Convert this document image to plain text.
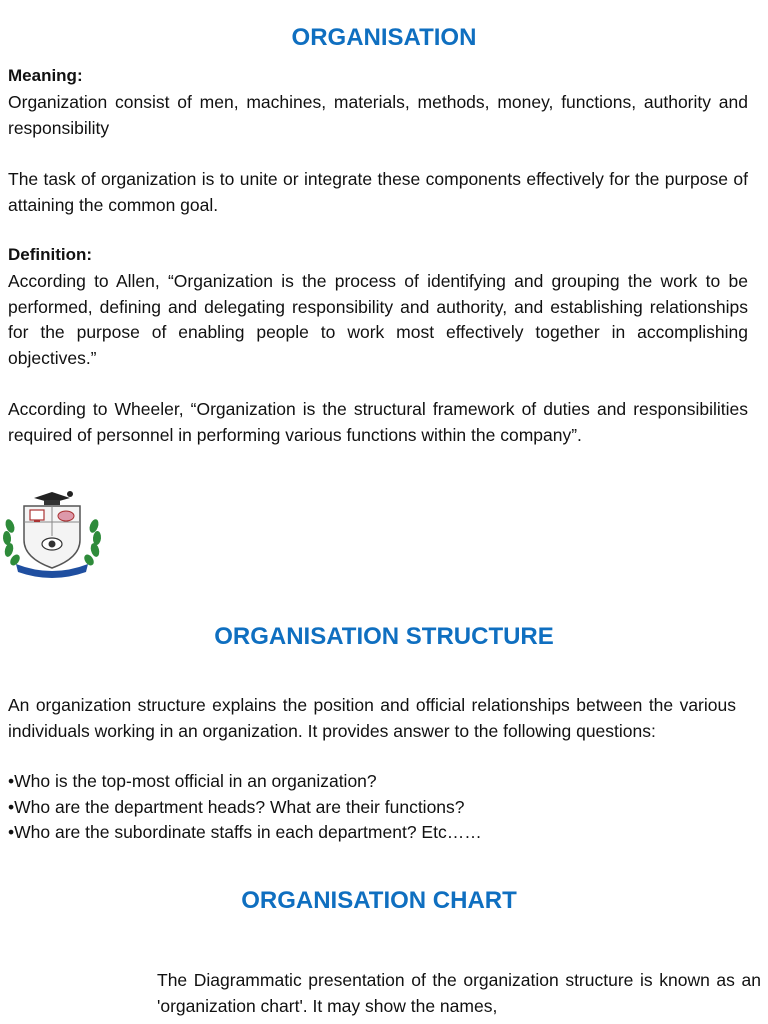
ORGANISATION

Meaning:

Organization consist of men, machines, materials, methods, money, functions, authority and responsibility

The task of organization is to unite or integrate these components effectively for the purpose of attaining the common goal.

Definition:

According to Allen, “Organization is the process of identifying and grouping the work to be performed, defining and delegating responsibility and authority, and establishing relationships for the purpose of enabling people to work most effectively together in accomplishing objectives.”

According to Wheeler, “Organization is the structural framework of duties and responsibilities required of personnel in performing various functions within the company”.

ORGANISATION STRUCTURE

An organization structure explains the position and official relationships between the various individuals working in an organization. It provides answer to the following questions:

•Who is the top-most official in an organization?
•Who are the department heads? What are their functions?
•Who are the subordinate staffs in each department? Etc……
ORGANISATION CHART

The Diagrammatic presentation of the organization structure is known as an 'organization chart'. It may show the names,
